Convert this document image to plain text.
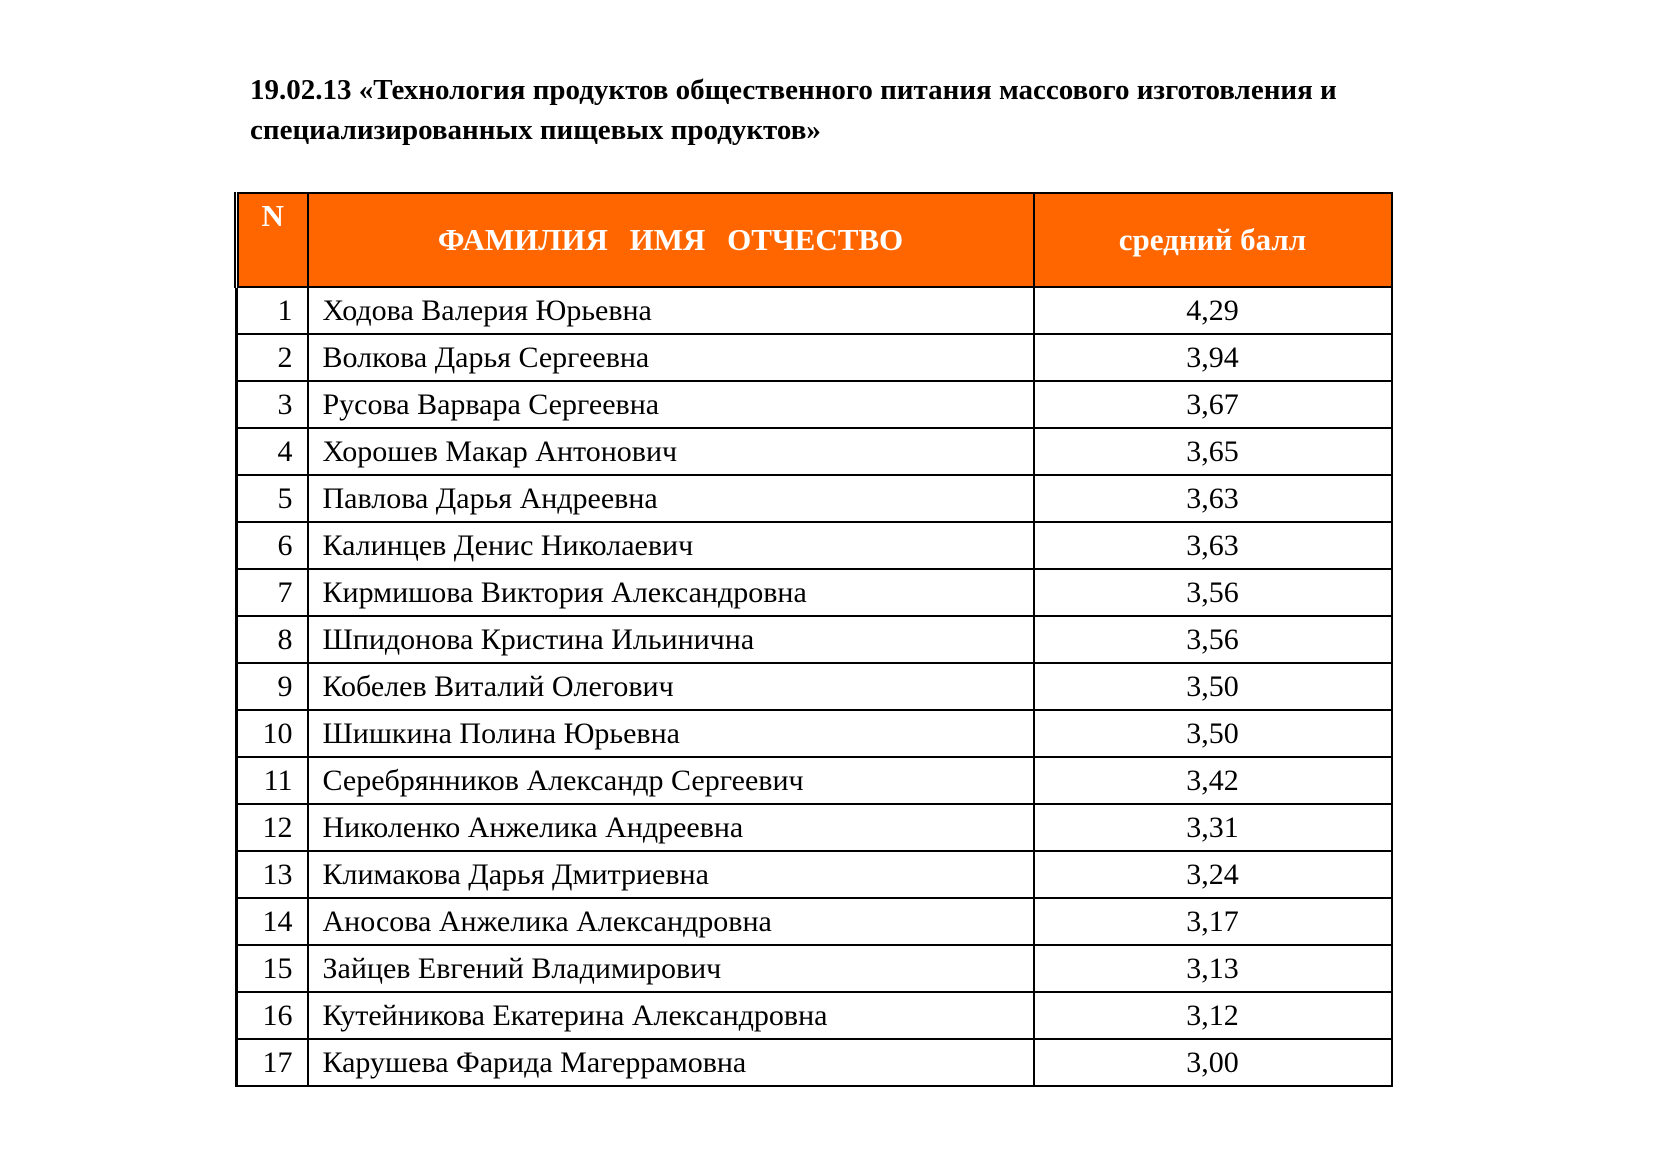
19.02.13 «Технология продуктов общественного питания массового изготовления и специализированных пищевых продуктов»
N	ФАМИЛИЯ ИМЯ ОТЧЕСТВО	средний балл
1	Ходова Валерия Юрьевна	4,29
2	Волкова Дарья Сергеевна	3,94
3	Русова Варвара Сергеевна	3,67
4	Хорошев Макар Антонович	3,65
5	Павлова Дарья Андреевна	3,63
6	Калинцев Денис Николаевич	3,63
7	Кирмишова Виктория Александровна	3,56
8	Шпидонова Кристина Ильинична	3,56
9	Кобелев Виталий Олегович	3,50
10	Шишкина Полина Юрьевна	3,50
11	Серебрянников Александр Сергеевич	3,42
12	Николенко Анжелика Андреевна	3,31
13	Климакова Дарья Дмитриевна	3,24
14	Аносова Анжелика Александровна	3,17
15	Зайцев Евгений Владимирович	3,13
16	Кутейникова Екатерина Александровна	3,12
17	Карушева Фарида Магеррамовна	3,00
